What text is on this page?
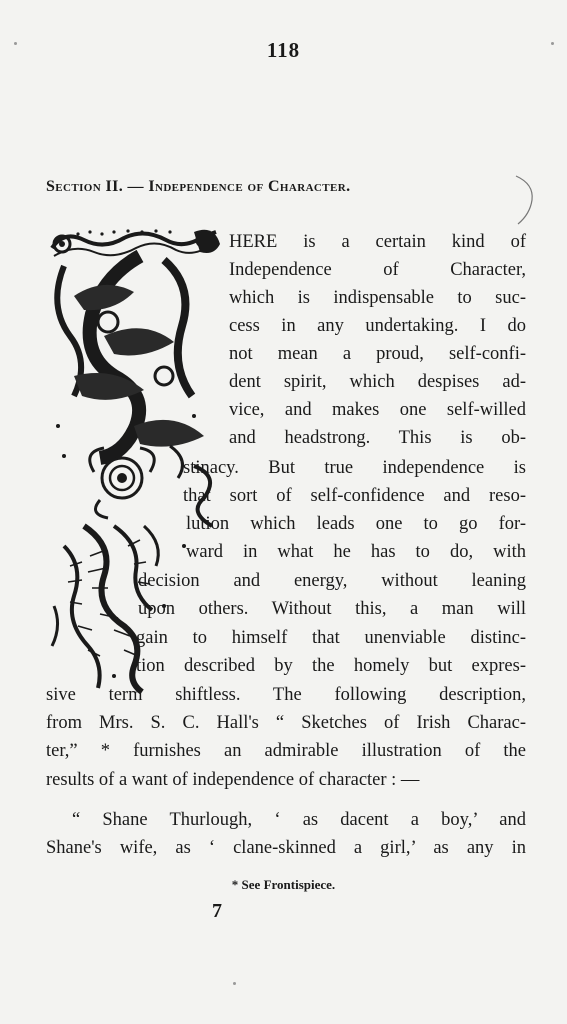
118
Section II. — Independence of Character.
HERE is a certain kind of
Independence of Character,
which is indispensable to suc-
cess in any undertaking. I do
not mean a proud, self-confi-
dent spirit, which despises ad-
vice, and makes one self-willed
and headstrong. This is ob-
stinacy. But true independence is
that sort of self-confidence and reso-
lution which leads one to go for-
ward in what he has to do, with
decision and energy, without leaning
upon others. Without this, a man will
gain to himself that unenviable distinc-
tion described by the homely but expres-
sive term shiftless. The following description,
from Mrs. S. C. Hall's “ Sketches of Irish Charac-
ter,” * furnishes an admirable illustration of the
results of a want of independence of character : —
“ Shane Thurlough, ‘ as dacent a boy,’ and
Shane's wife, as ‘ clane-skinned a girl,’ as any in
* See Frontispiece.
7
